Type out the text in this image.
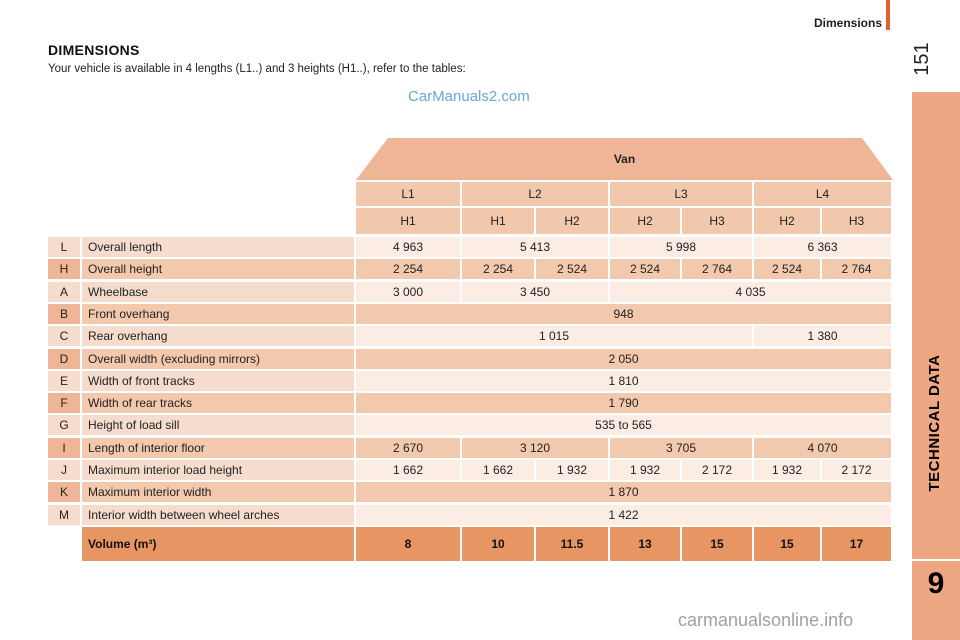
Dimensions
151
TECHNICAL DATA
9
DIMENSIONS
Your vehicle is available in 4 lengths (L1..) and 3 heights (H1..), refer to the tables:
CarManuals2.com
carmanualsonline.info
Van
L1	L2	L3	L4
H1	H1	H2	H2	H3	H2	H3
L	Overall length	4 963	5 413	5 998	6 363
H	Overall height	2 254	2 254	2 524	2 524	2 764	2 524	2 764
A	Wheelbase	3 000	3 450	4 035
B	Front overhang	948
C	Rear overhang	1 015	1 380
D	Overall width (excluding mirrors)	2 050
E	Width of front tracks	1 810
F	Width of rear tracks	1 790
G	Height of load sill	535 to 565
I	Length of interior floor	2 670	3 120	3 705	4 070
J	Maximum interior load height	1 662	1 662	1 932	1 932	2 172	1 932	2 172
K	Maximum interior width	1 870
M	Interior width between wheel arches	1 422
Volume (m³)	8	10	11.5	13	15	15	17
